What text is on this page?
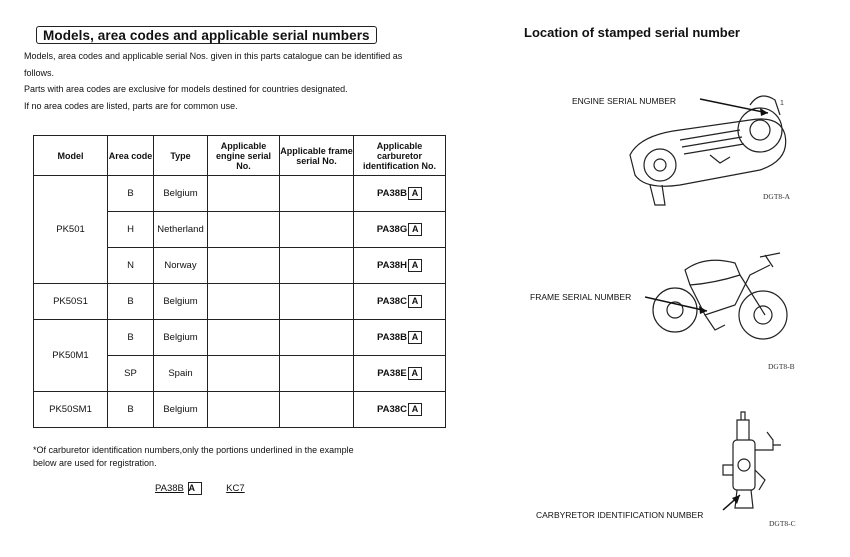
Models, area codes and applicable serial numbers
Models, area codes and applicable serial Nos. given in this parts catalogue can be identified as
follows.
Parts with area codes are exclusive for models destined for countries designated.
If no area codes are listed, parts are for common use.
Model	Area code	Type	Applicable engine serial No.	Applicable frame serial No.	Applicable carburetor identification No.
PK501	B	Belgium			PA38B A
	H	Netherland			PA38G A
	N	Norway			PA38H A
PK50S1	B	Belgium			PA38C A
PK50M1	B	Belgium			PA38B A
	SP	Spain			PA38E A
PK50SM1	B	Belgium			PA38C A
*Of carburetor identification numbers,only the portions underlined in the example
below are used for registration.
PA38B A	KC7
Location of stamped serial number
ENGINE SERIAL NUMBER
DGT8-A
FRAME SERIAL NUMBER
DGT8-B
CARBYRETOR IDENTIFICATION NUMBER
DGT8-C
1
